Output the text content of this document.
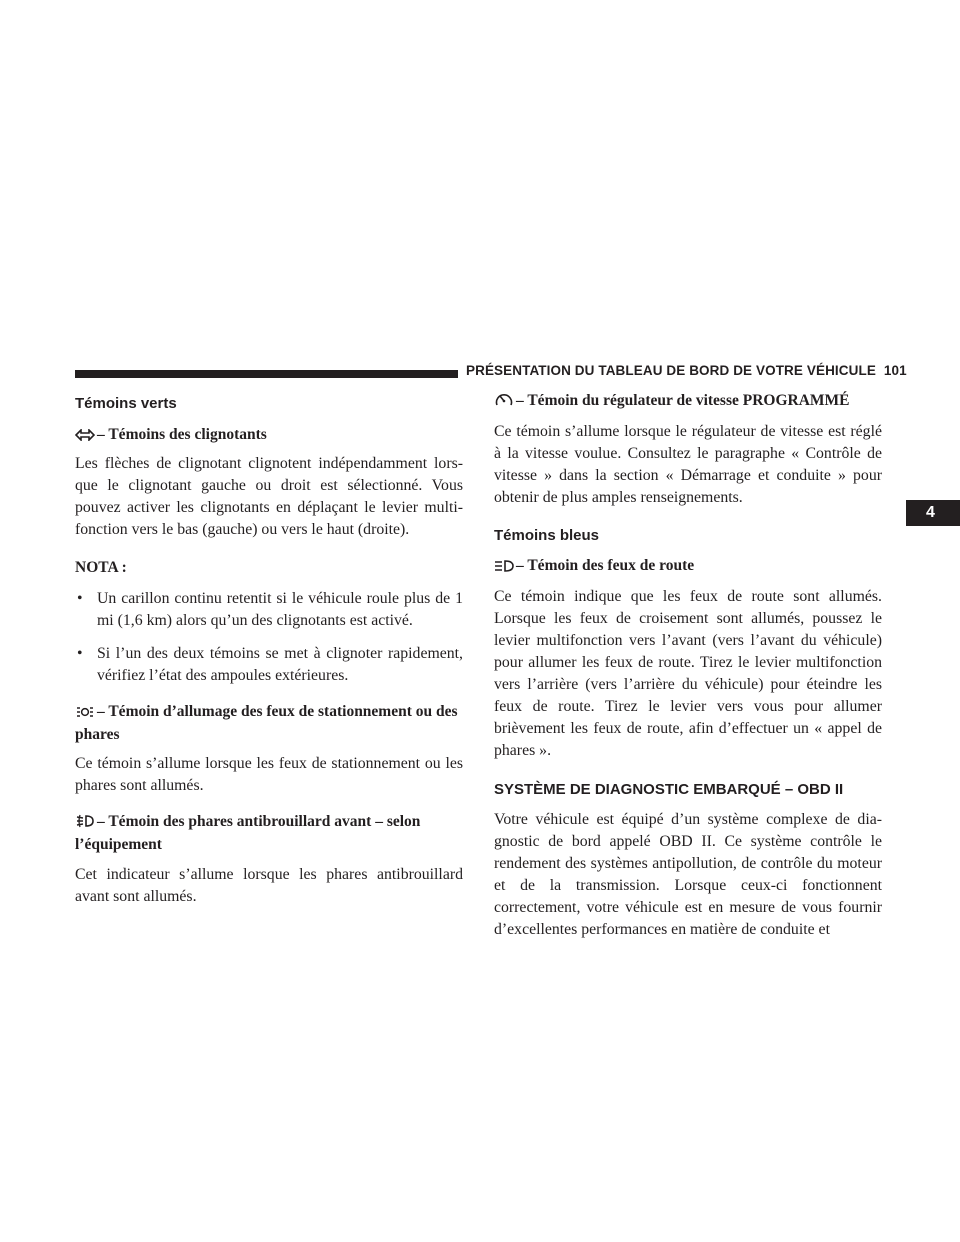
PRÉSENTATION DU TABLEAU DE BORD DE VOTRE VÉHICULE 101
4
Témoins verts

– Témoins des clignotants

Les flèches de clignotant clignotent indépendamment lors-que le clignotant gauche ou droit est sélectionné. Vous pouvez activer les clignotants en déplaçant le levier multi-fonction vers le bas (gauche) ou vers le haut (droite).

NOTA :

• Un carillon continu retentit si le véhicule roule plus de 1 mi (1,6 km) alors qu’un des clignotants est activé.
• Si l’un des deux témoins se met à clignoter rapidement, vérifiez l’état des ampoules extérieures.

– Témoin d’allumage des feux de stationnement ou des phares

Ce témoin s’allume lorsque les feux de stationnement ou les phares sont allumés.

– Témoin des phares antibrouillard avant – selon l’équipement

Cet indicateur s’allume lorsque les phares antibrouillard avant sont allumés.

– Témoin du régulateur de vitesse PROGRAMMÉ

Ce témoin s’allume lorsque le régulateur de vitesse est réglé à la vitesse voulue. Consultez le paragraphe « Contrôle de vitesse » dans la section « Démarrage et conduite » pour obtenir de plus amples renseignements.

Témoins bleus

– Témoin des feux de route

Ce témoin indique que les feux de route sont allumés. Lorsque les feux de croisement sont allumés, poussez le levier multifonction vers l’avant (vers l’avant du véhicule) pour allumer les feux de route. Tirez le levier multifonction vers l’arrière (vers l’arrière du véhicule) pour éteindre les feux de route. Tirez le levier vers vous pour allumer brièvement les feux de route, afin d’effectuer un « appel de phares ».

SYSTÈME DE DIAGNOSTIC EMBARQUÉ – OBD II

Votre véhicule est équipé d’un système complexe de dia-gnostic de bord appelé OBD II. Ce système contrôle le rendement des systèmes antipollution, de contrôle du moteur et de la transmission. Lorsque ceux-ci fonctionnent correctement, votre véhicule est en mesure de vous fournir d’excellentes performances en matière de conduite et
